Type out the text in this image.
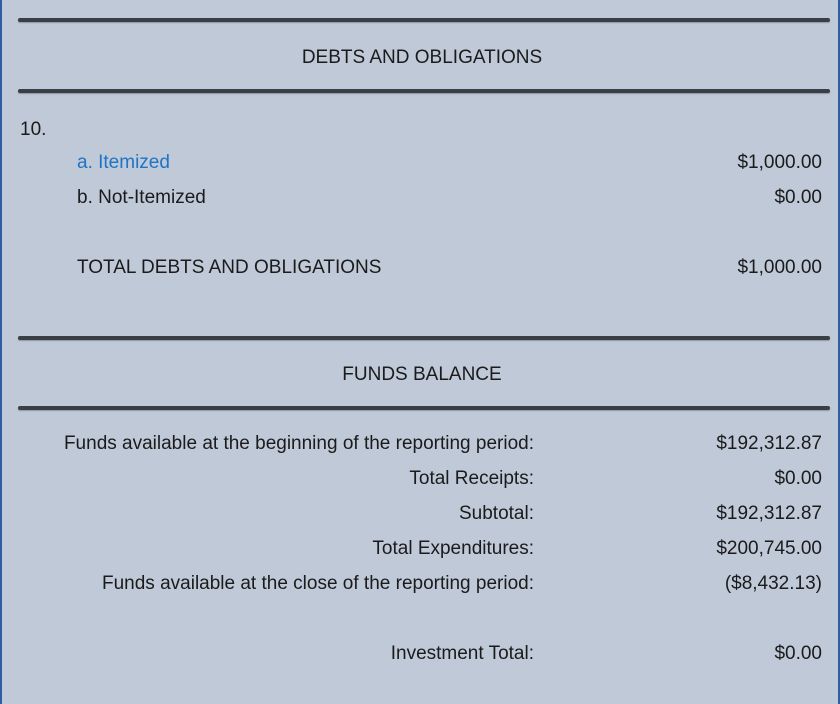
DEBTS AND OBLIGATIONS
10.
a. Itemized	$1,000.00
b. Not-Itemized	$0.00
TOTAL DEBTS AND OBLIGATIONS	$1,000.00
FUNDS BALANCE
Funds available at the beginning of the reporting period:	$192,312.87
Total Receipts:	$0.00
Subtotal:	$192,312.87
Total Expenditures:	$200,745.00
Funds available at the close of the reporting period:	($8,432.13)
Investment Total:	$0.00
